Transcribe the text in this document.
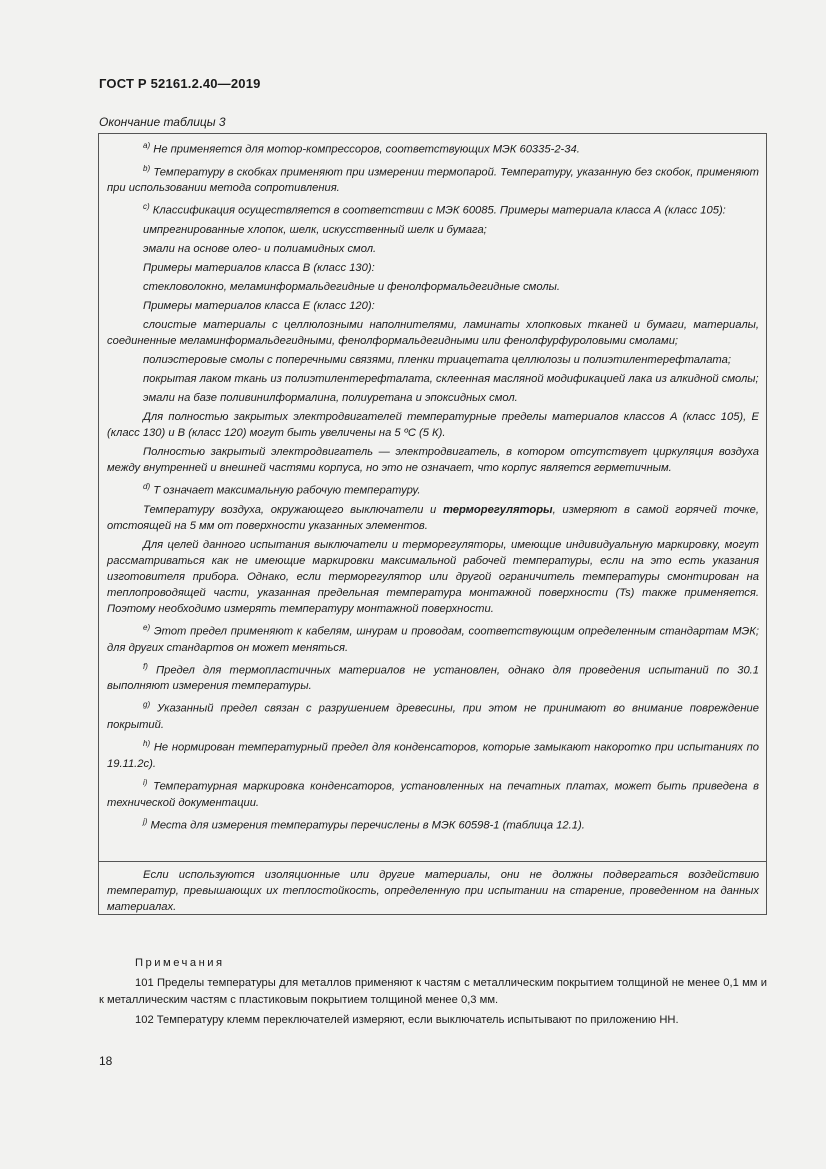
ГОСТ Р 52161.2.40—2019
Окончание таблицы 3

$^{a)}$ Не применяется для мотор-компрессоров, соответствующих МЭК 60335-2-34.

$^{b)}$ Температуру в скобках применяют при измерении термопарой. Температуру, указанную без скобок, применяют при использовании метода сопротивления.

$^{c)}$ Классификация осуществляется в соответствии с МЭК 60085. Примеры материала класса А (класс 105):

импрегнированные хлопок, шелк, искусственный шелк и бумага;

эмали на основе олео- и полиамидных смол.

Примеры материалов класса В (класс 130):

стекловолокно, меламинформальдегидные и фенолформальдегидные смолы.

Примеры материалов класса Е (класс 120):

слоистые материалы с целлюлозными наполнителями, ламинаты хлопковых тканей и бумаги, материалы, соединенные меламинформальдегидными, фенолформальдегидными или фенолфурфуроловыми смолами;

полиэстеровые смолы с поперечными связями, пленки триацетата целлюлозы и полиэтилентерефталата;

покрытая лаком ткань из полиэтилентерефталата, склеенная масляной модификацией лака из алкидной смолы;

эмали на базе поливинилформалина, полиуретана и эпоксидных смол.

Для полностью закрытых электродвигателей температурные пределы материалов классов А (класс 105), Е (класс 130) и В (класс 120) могут быть увеличены на 5 ºС (5 К).

Полностью закрытый электродвигатель — электродвигатель, в котором отсутствует циркуляция воздуха между внутренней и внешней частями корпуса, но это не означает, что корпус является герметичным.

$^{d)}$ T означает максимальную рабочую температуру.

Температуру воздуха, окружающего выключатели и терморегуляторы, измеряют в самой горячей точке, отстоящей на 5 мм от поверхности указанных элементов.

Для целей данного испытания выключатели и терморегуляторы, имеющие индивидуальную маркировку, могут рассматриваться как не имеющие маркировки максимальной рабочей температуры, если на это есть указания изготовителя прибора. Однако, если терморегулятор или другой ограничитель температуры смонтирован на теплопроводящей части, указанная предельная температура монтажной поверхности (Ts) также применяется. Поэтому необходимо измерять температуру монтажной поверхности.

$^{e)}$ Этот предел применяют к кабелям, шнурам и проводам, соответствующим определенным стандартам МЭК; для других стандартов он может меняться.

$^{f)}$ Предел для термопластичных материалов не установлен, однако для проведения испытаний по 30.1 выполняют измерения температуры.

$^{g)}$ Указанный предел связан с разрушением древесины, при этом не принимают во внимание повреждение покрытий.

$^{h)}$ Не нормирован температурный предел для конденсаторов, которые замыкают накоротко при испытаниях по 19.11.2с).

$^{i)}$ Температурная маркировка конденсаторов, установленных на печатных платах, может быть приведена в технической документации.

$^{j)}$ Места для измерения температуры перечислены в МЭК 60598-1 (таблица 12.1).

Если используются изоляционные или другие материалы, они не должны подвергаться воздействию температур, превышающих их теплостойкость, определенную при испытании на старение, проведенном на данных материалах.

Примечания

101 Пределы температуры для металлов применяют к частям с металлическим покрытием толщиной не менее 0,1 мм и к металлическим частям с пластиковым покрытием толщиной менее 0,3 мм.

102 Температуру клемм переключателей измеряют, если выключатель испытывают по приложению НН.

18
